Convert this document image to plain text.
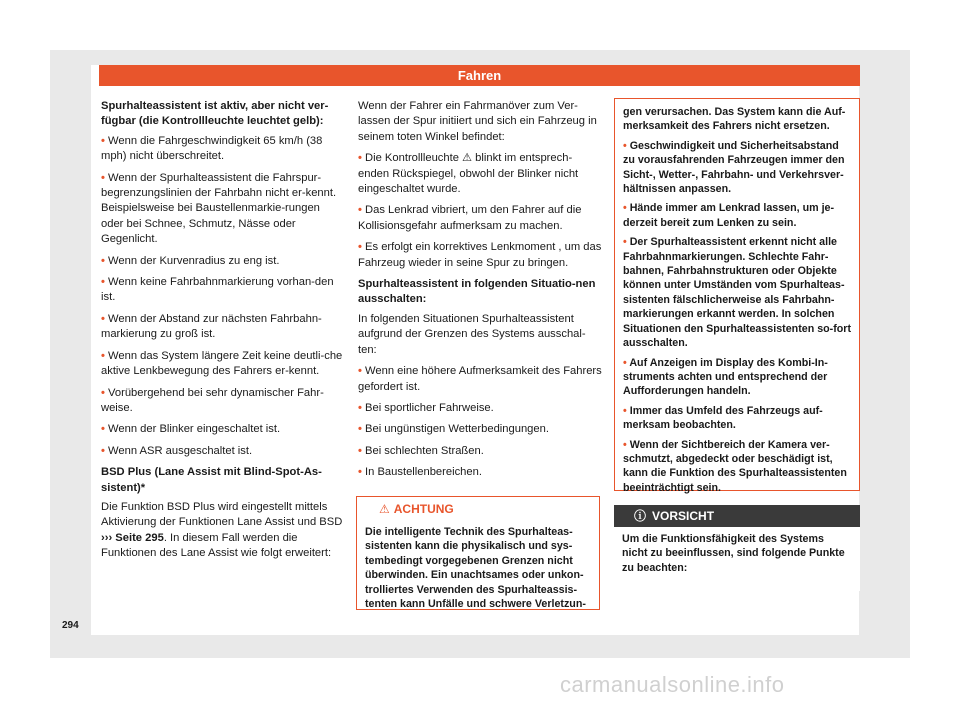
Fahren

Spurhalteassistent ist aktiv, aber nicht ver-fügbar (die Kontrollleuchte leuchtet gelb):

• Wenn die Fahrgeschwindigkeit 65 km/h (38 mph) nicht überschreitet.

• Wenn der Spurhalteassistent die Fahrspur-begrenzungslinien der Fahrbahn nicht er-kennt. Beispielsweise bei Baustellenmarkie-rungen oder bei Schnee, Schmutz, Nässe oder Gegenlicht.

• Wenn der Kurvenradius zu eng ist.

• Wenn keine Fahrbahnmarkierung vorhan-den ist.

• Wenn der Abstand zur nächsten Fahrbahn-markierung zu groß ist.

• Wenn das System längere Zeit keine deutli-che aktive Lenkbewegung des Fahrers er-kennt.

• Vorübergehend bei sehr dynamischer Fahr-weise.

• Wenn der Blinker eingeschaltet ist.

• Wenn ASR ausgeschaltet ist.

BSD Plus (Lane Assist mit Blind-Spot-As-sistent)*

Die Funktion BSD Plus wird eingestellt mittels Aktivierung der Funktionen Lane Assist und BSD ››› Seite 295. In diesem Fall werden die Funktionen des Lane Assist wie folgt erweitert:

Wenn der Fahrer ein Fahrmanöver zum Ver-lassen der Spur initiiert und sich ein Fahrzeug in seinem toten Winkel befindet:

• Die Kontrollleuchte ⚠ blinkt im entsprech-enden Rückspiegel, obwohl der Blinker nicht eingeschaltet wurde.

• Das Lenkrad vibriert, um den Fahrer auf die Kollisionsgefahr aufmerksam zu machen.

• Es erfolgt ein korrektives Lenkmoment , um das Fahrzeug wieder in seine Spur zu bringen.

Spurhalteassistent in folgenden Situatio-nen ausschalten:

In folgenden Situationen Spurhalteassistent aufgrund der Grenzen des Systems ausschal-ten:

• Wenn eine höhere Aufmerksamkeit des Fahrers gefordert ist.

• Bei sportlicher Fahrweise.

• Bei ungünstigen Wetterbedingungen.

• Bei schlechten Straßen.

• In Baustellenbereichen.

⚠ ACHTUNG
Die intelligente Technik des Spurhalteas-sistenten kann die physikalisch und sys-tembedingt vorgegebenen Grenzen nicht überwinden. Ein unachtsames oder unkon-trolliertes Verwenden des Spurhalteassis-tenten kann Unfälle und schwere Verletzun-

gen verursachen. Das System kann die Auf-merksamkeit des Fahrers nicht ersetzen.

• Geschwindigkeit und Sicherheitsabstand zu vorausfahrenden Fahrzeugen immer den Sicht-, Wetter-, Fahrbahn- und Verkehrsver-hältnissen anpassen.

• Hände immer am Lenkrad lassen, um je-derzeit bereit zum Lenken zu sein.

• Der Spurhalteassistent erkennt nicht alle Fahrbahnmarkierungen. Schlechte Fahr-bahnen, Fahrbahnstrukturen oder Objekte können unter Umständen vom Spurhalteas-sistenten fälschlicherweise als Fahrbahn-markierungen erkannt werden. In solchen Situationen den Spurhalteassistenten so-fort ausschalten.

• Auf Anzeigen im Display des Kombi-In-struments achten und entsprechend der Aufforderungen handeln.

• Immer das Umfeld des Fahrzeugs auf-merksam beobachten.

• Wenn der Sichtbereich der Kamera ver-schmutzt, abgedeckt oder beschädigt ist, kann die Funktion des Spurhalteassistenten beeinträchtigt sein.

ⓘ VORSICHT
Um die Funktionsfähigkeit des Systems nicht zu beeinflussen, sind folgende Punkte zu beachten:
294
carmanualsonline.info
